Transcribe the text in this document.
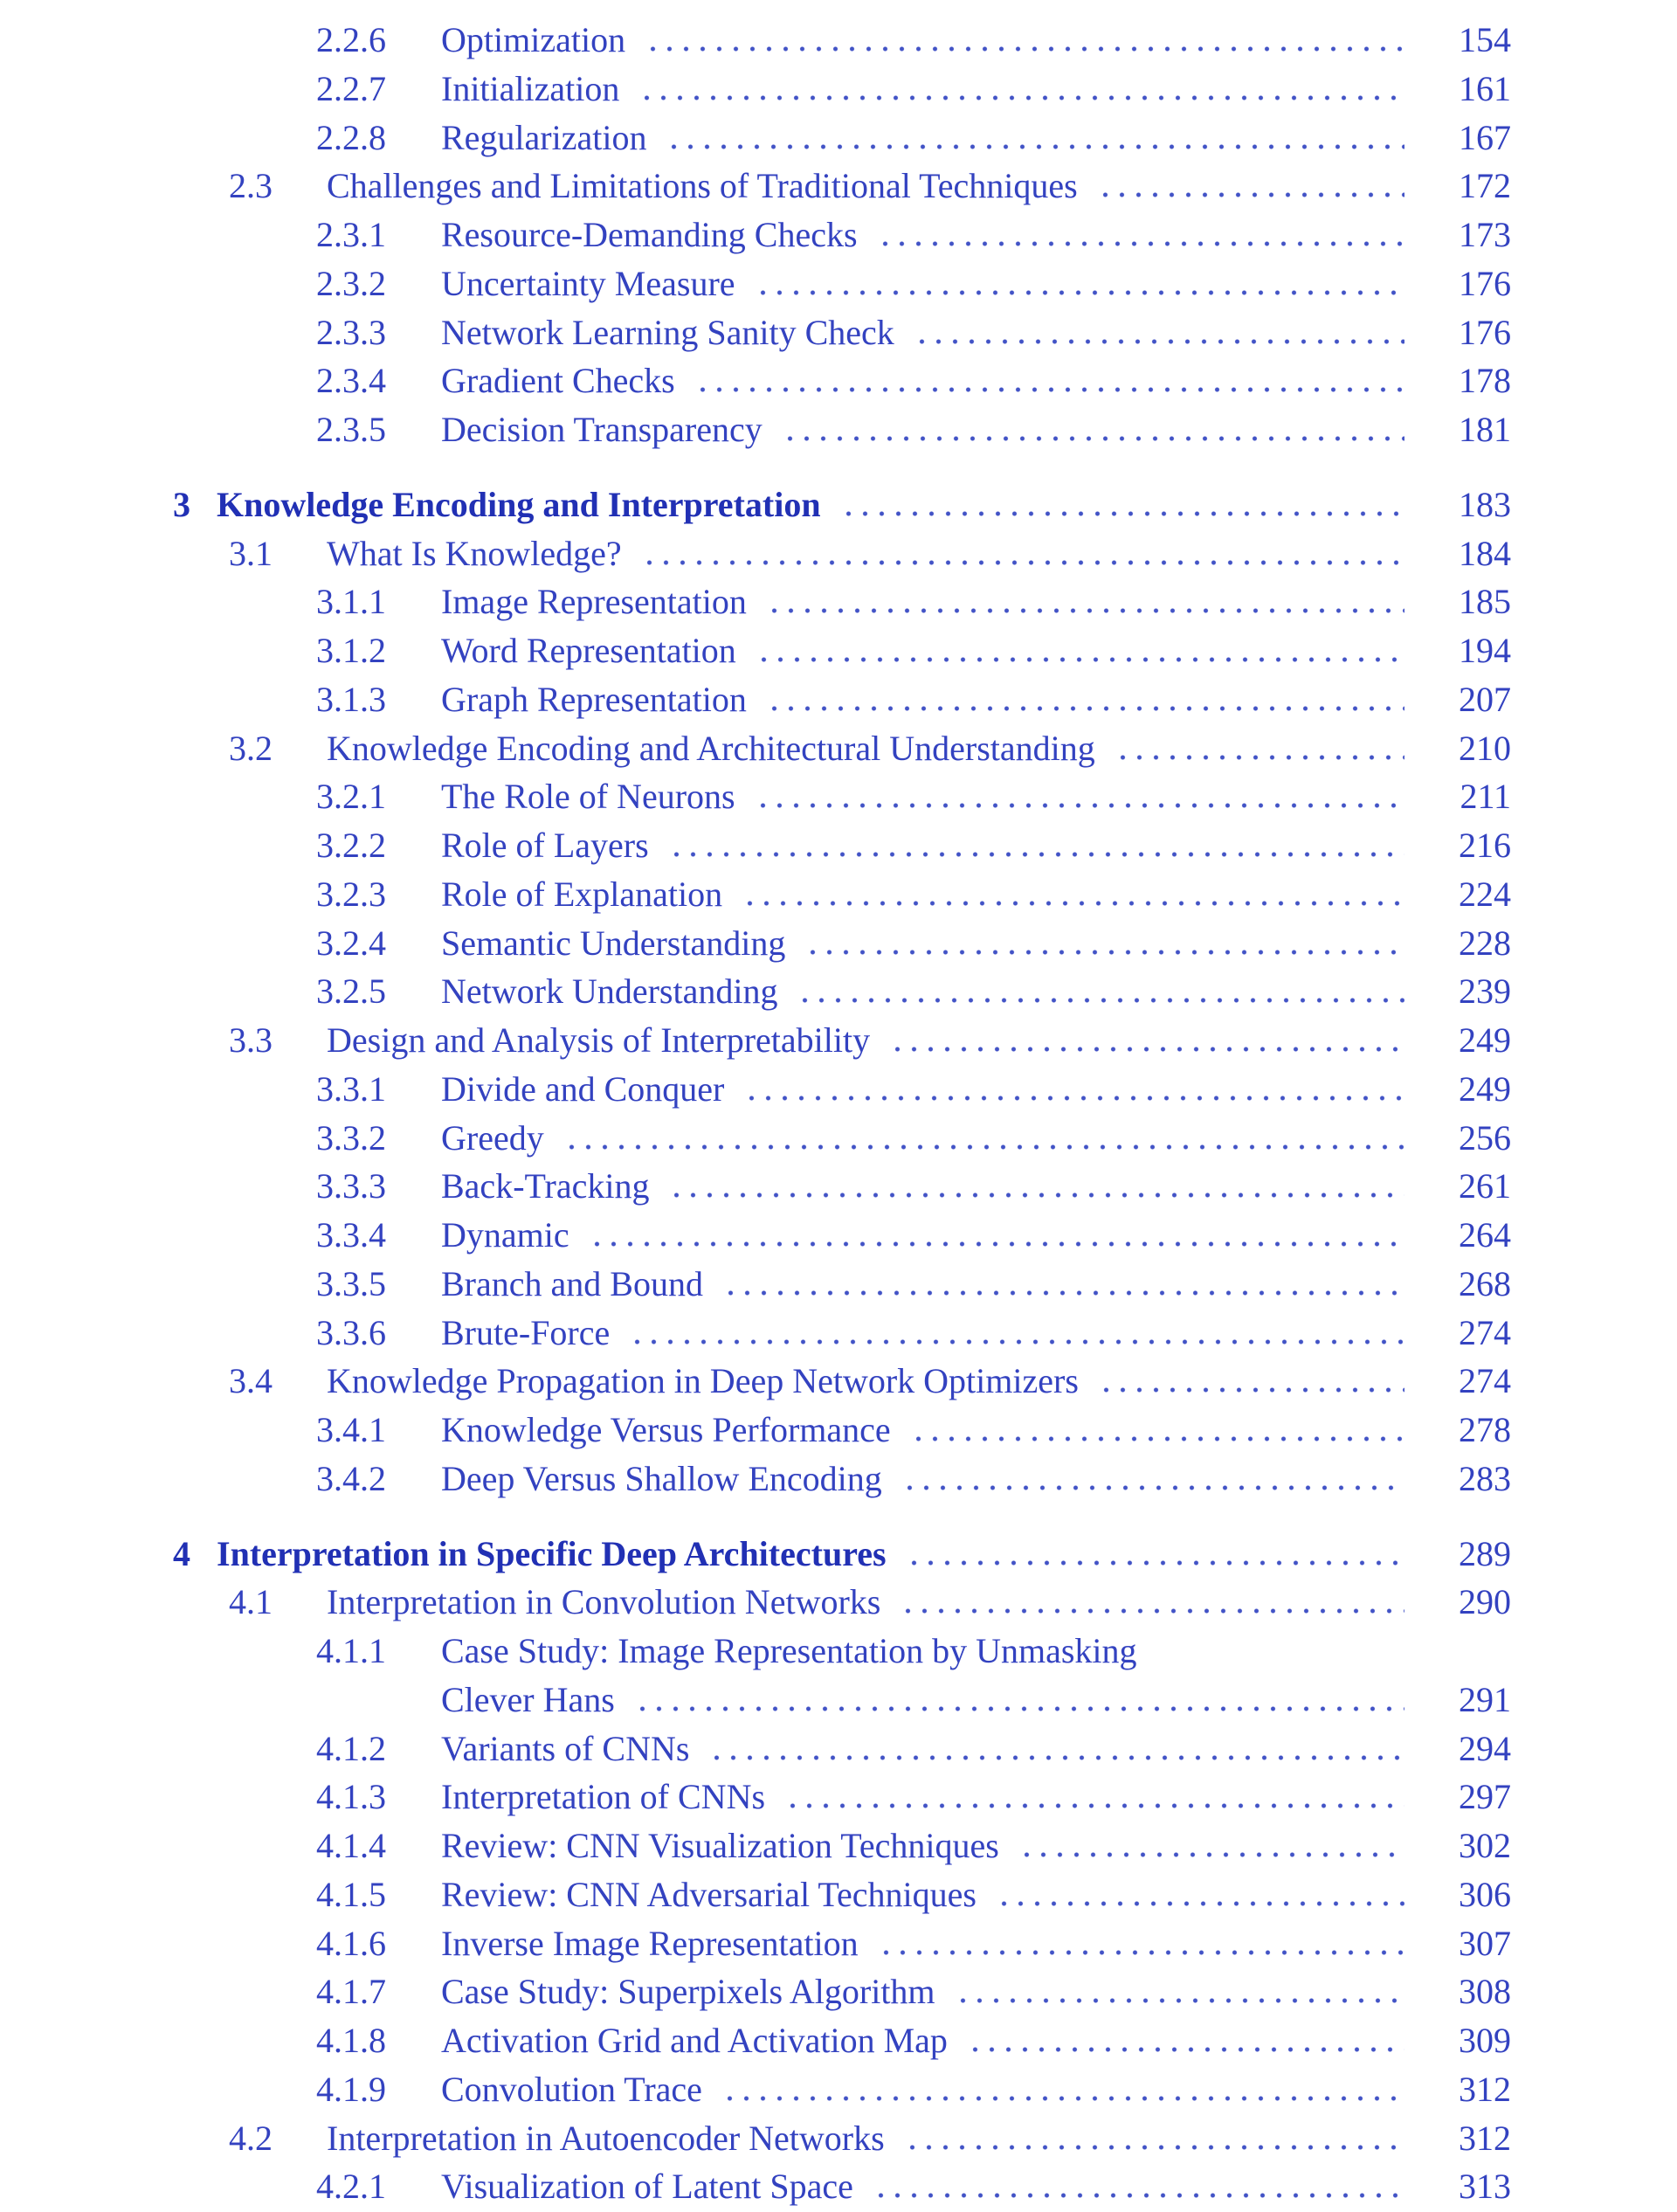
2.2.6	Optimization	154
2.2.7	Initialization	161
2.2.8	Regularization	167
2.3	Challenges and Limitations of Traditional Techniques	172
2.3.1	Resource-Demanding Checks	173
2.3.2	Uncertainty Measure	176
2.3.3	Network Learning Sanity Check	176
2.3.4	Gradient Checks	178
2.3.5	Decision Transparency	181
3 Knowledge Encoding and Interpretation	183
3.1	What Is Knowledge?	184
3.1.1	Image Representation	185
3.1.2	Word Representation	194
3.1.3	Graph Representation	207
3.2	Knowledge Encoding and Architectural Understanding	210
3.2.1	The Role of Neurons	211
3.2.2	Role of Layers	216
3.2.3	Role of Explanation	224
3.2.4	Semantic Understanding	228
3.2.5	Network Understanding	239
3.3	Design and Analysis of Interpretability	249
3.3.1	Divide and Conquer	249
3.3.2	Greedy	256
3.3.3	Back-Tracking	261
3.3.4	Dynamic	264
3.3.5	Branch and Bound	268
3.3.6	Brute-Force	274
3.4	Knowledge Propagation in Deep Network Optimizers	274
3.4.1	Knowledge Versus Performance	278
3.4.2	Deep Versus Shallow Encoding	283
4 Interpretation in Specific Deep Architectures	289
4.1	Interpretation in Convolution Networks	290
4.1.1	Case Study: Image Representation by Unmasking
Clever Hans	291
4.1.2	Variants of CNNs	294
4.1.3	Interpretation of CNNs	297
4.1.4	Review: CNN Visualization Techniques	302
4.1.5	Review: CNN Adversarial Techniques	306
4.1.6	Inverse Image Representation	307
4.1.7	Case Study: Superpixels Algorithm	308
4.1.8	Activation Grid and Activation Map	309
4.1.9	Convolution Trace	312
4.2	Interpretation in Autoencoder Networks	312
4.2.1	Visualization of Latent Space	313
